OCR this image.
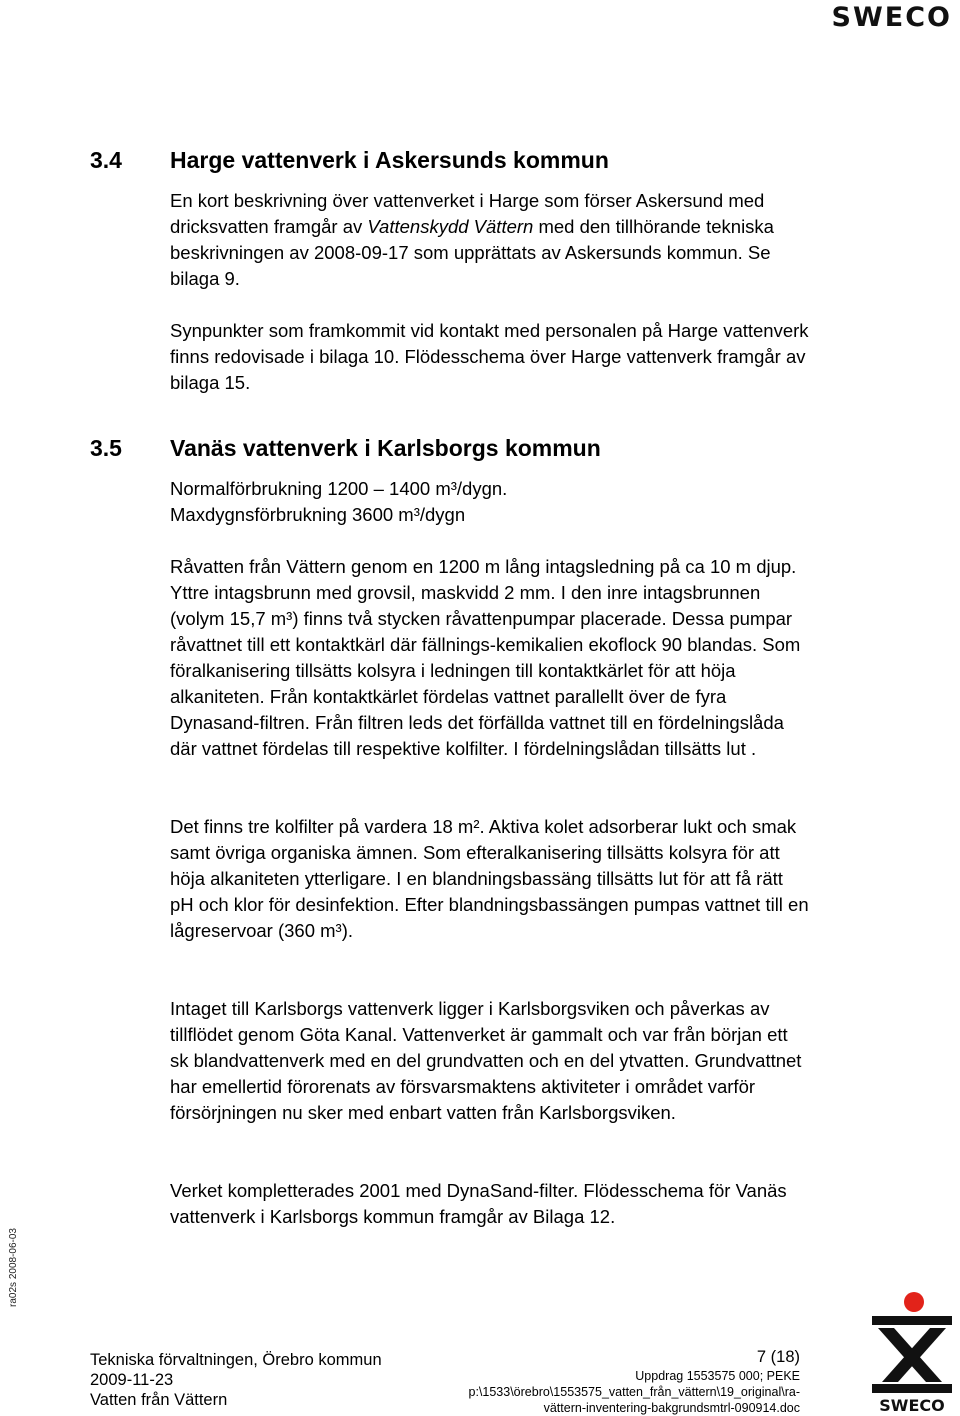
SWECO
3.4 Harge vattenverk i Askersunds kommun

En kort beskrivning över vattenverket i Harge som förser Askersund med dricksvatten framgår av Vattenskydd Vättern med den tillhörande tekniska beskrivningen av 2008-09-17 som upprättats av Askersunds kommun. Se bilaga 9.

Synpunkter som framkommit vid kontakt med personalen på Harge vattenverk finns redovisade i bilaga 10. Flödesschema över Harge vattenverk framgår av bilaga 15.

3.5 Vanäs vattenverk i Karlsborgs kommun

Normalförbrukning 1200 – 1400 m³/dygn.

Maxdygnsförbrukning 3600 m³/dygn

Råvatten från Vättern genom en 1200 m lång intagsledning på ca 10 m djup. Yttre intagsbrunn med grovsil, maskvidd 2 mm. I den inre intagsbrunnen (volym 15,7 m³) finns två stycken råvattenpumpar placerade. Dessa pumpar råvattnet till ett kontaktkärl där fällnings-kemikalien ekoflock 90 blandas. Som föralkanisering tillsätts kolsyra i ledningen till kontaktkärlet för att höja alkaniteten. Från kontaktkärlet fördelas vattnet parallellt över de fyra Dynasand-filtren. Från filtren leds det förfällda vattnet till en fördelningslåda där vattnet fördelas till respektive kolfilter. I fördelningslådan tillsätts lut .

Det finns tre kolfilter på vardera 18 m². Aktiva kolet adsorberar lukt och smak samt övriga organiska ämnen. Som efteralkanisering tillsätts kolsyra för att höja alkaniteten ytterligare. I en blandningsbassäng tillsätts lut för att få rätt pH och klor för desinfektion. Efter blandningsbassängen pumpas vattnet till en lågreservoar (360 m³).

Intaget till Karlsborgs vattenverk ligger i Karlsborgsviken och påverkas av tillflödet genom Göta Kanal. Vattenverket är gammalt och var från början ett sk blandvattenverk med en del grundvatten och en del ytvatten. Grundvattnet har emellertid förorenats av försvarsmaktens aktiviteter i området varför försörjningen nu sker med enbart vatten från Karlsborgsviken.

Verket kompletterades 2001 med DynaSand-filter. Flödesschema för Vanäs vattenverk i Karlsborgs kommun framgår av Bilaga 12.

ra02s 2008-06-03
Tekniska förvaltningen, Örebro kommun
2009-11-23
Vatten från Vättern
7 (18)
Uppdrag 1553575 000; PEKE
p:\1533\örebro\1553575_vatten_från_vättern\19_original\ra-
vättern-inventering-bakgrundsmtrl-090914.doc	SWECO
